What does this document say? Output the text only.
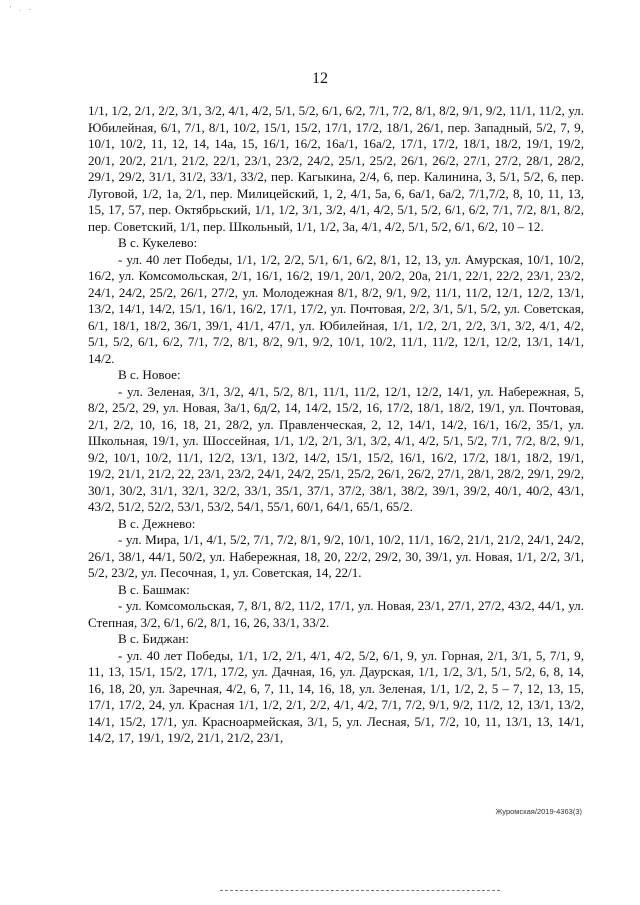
' . -
12

1/1, 1/2, 2/1, 2/2, 3/1, 3/2, 4/1, 4/2, 5/1, 5/2, 6/1, 6/2, 7/1, 7/2, 8/1, 8/2, 9/1, 9/2, 11/1, 11/2, ул. Юбилейная, 6/1, 7/1, 8/1, 10/2, 15/1, 15/2, 17/1, 17/2, 18/1, 26/1, пер. Западный, 5/2, 7, 9, 10/1, 10/2, 11, 12, 14, 14а, 15, 16/1, 16/2, 16а/1, 16а/2, 17/1, 17/2, 18/1, 18/2, 19/1, 19/2, 20/1, 20/2, 21/1, 21/2, 22/1, 23/1, 23/2, 24/2, 25/1, 25/2, 26/1, 26/2, 27/1, 27/2, 28/1, 28/2, 29/1, 29/2, 31/1, 31/2, 33/1, 33/2, пер. Кагыкина, 2/4, 6, пер. Калинина, 3, 5/1, 5/2, 6, пер. Луговой, 1/2, 1а, 2/1, пер. Милицейский, 1, 2, 4/1, 5а, 6, 6а/1, 6а/2, 7/1,7/2, 8, 10, 11, 13, 15, 17, 57, пер. Октябрьский, 1/1, 1/2, 3/1, 3/2, 4/1, 4/2, 5/1, 5/2, 6/1, 6/2, 7/1, 7/2, 8/1, 8/2, пер. Советский, 1/1, пер. Школьный, 1/1, 1/2, 3а, 4/1, 4/2, 5/1, 5/2, 6/1, 6/2, 10 – 12.

В с. Кукелево:

- ул. 40 лет Победы, 1/1, 1/2, 2/2, 5/1, 6/1, 6/2, 8/1, 12, 13, ул. Амурская, 10/1, 10/2, 16/2, ул. Комсомольская, 2/1, 16/1, 16/2, 19/1, 20/1, 20/2, 20а, 21/1, 22/1, 22/2, 23/1, 23/2, 24/1, 24/2, 25/2, 26/1, 27/2, ул. Молодежная 8/1, 8/2, 9/1, 9/2, 11/1, 11/2, 12/1, 12/2, 13/1, 13/2, 14/1, 14/2, 15/1, 16/1, 16/2, 17/1, 17/2, ул. Почтовая, 2/2, 3/1, 5/1, 5/2, ул. Советская, 6/1, 18/1, 18/2, 36/1, 39/1, 41/1, 47/1, ул. Юбилейная, 1/1, 1/2, 2/1, 2/2, 3/1, 3/2, 4/1, 4/2, 5/1, 5/2, 6/1, 6/2, 7/1, 7/2, 8/1, 8/2, 9/1, 9/2, 10/1, 10/2, 11/1, 11/2, 12/1, 12/2, 13/1, 14/1, 14/2.

В с. Новое:

- ул. Зеленая, 3/1, 3/2, 4/1, 5/2, 8/1, 11/1, 11/2, 12/1, 12/2, 14/1, ул. Набережная, 5, 8/2, 25/2, 29, ул. Новая, 3а/1, 6д/2, 14, 14/2, 15/2, 16, 17/2, 18/1, 18/2, 19/1, ул. Почтовая, 2/1, 2/2, 10, 16, 18, 21, 28/2, ул. Правленческая, 2, 12, 14/1, 14/2, 16/1, 16/2, 35/1, ул. Школьная, 19/1, ул. Шоссейная, 1/1, 1/2, 2/1, 3/1, 3/2, 4/1, 4/2, 5/1, 5/2, 7/1, 7/2, 8/2, 9/1, 9/2, 10/1, 10/2, 11/1, 12/2, 13/1, 13/2, 14/2, 15/1, 15/2, 16/1, 16/2, 17/2, 18/1, 18/2, 19/1, 19/2, 21/1, 21/2, 22, 23/1, 23/2, 24/1, 24/2, 25/1, 25/2, 26/1, 26/2, 27/1, 28/1, 28/2, 29/1, 29/2, 30/1, 30/2, 31/1, 32/1, 32/2, 33/1, 35/1, 37/1, 37/2, 38/1, 38/2, 39/1, 39/2, 40/1, 40/2, 43/1, 43/2, 51/2, 52/2, 53/1, 53/2, 54/1, 55/1, 60/1, 64/1, 65/1, 65/2.

В с. Дежнево:

- ул. Мира, 1/1, 4/1, 5/2, 7/1, 7/2, 8/1, 9/2, 10/1, 10/2, 11/1, 16/2, 21/1, 21/2, 24/1, 24/2, 26/1, 38/1, 44/1, 50/2, ул. Набережная, 18, 20, 22/2, 29/2, 30, 39/1, ул. Новая, 1/1, 2/2, 3/1, 5/2, 23/2, ул. Песочная, 1, ул. Советская, 14, 22/1.

В с. Башмак:

- ул. Комсомольская, 7, 8/1, 8/2, 11/2, 17/1, ул. Новая, 23/1, 27/1, 27/2, 43/2, 44/1, ул. Степная, 3/2, 6/1, 6/2, 8/1, 16, 26, 33/1, 33/2.

В с. Биджан:

- ул. 40 лет Победы, 1/1, 1/2, 2/1, 4/1, 4/2, 5/2, 6/1, 9, ул. Горная, 2/1, 3/1, 5, 7/1, 9, 11, 13, 15/1, 15/2, 17/1, 17/2, ул. Дачная, 16, ул. Даурская, 1/1, 1/2, 3/1, 5/1, 5/2, 6, 8, 14, 16, 18, 20, ул. Заречная, 4/2, 6, 7, 11, 14, 16, 18, ул. Зеленая, 1/1, 1/2, 2, 5 – 7, 12, 13, 15, 17/1, 17/2, 24, ул. Красная 1/1, 1/2, 2/1, 2/2, 4/1, 4/2, 7/1, 7/2, 9/1, 9/2, 11/2, 12, 13/1, 13/2, 14/1, 15/2, 17/1, ул. Красноармейская, 3/1, 5, ул. Лесная, 5/1, 7/2, 10, 11, 13/1, 13, 14/1, 14/2, 17, 19/1, 19/2, 21/1, 21/2, 23/1,

Журомская/2019-4363(3)
